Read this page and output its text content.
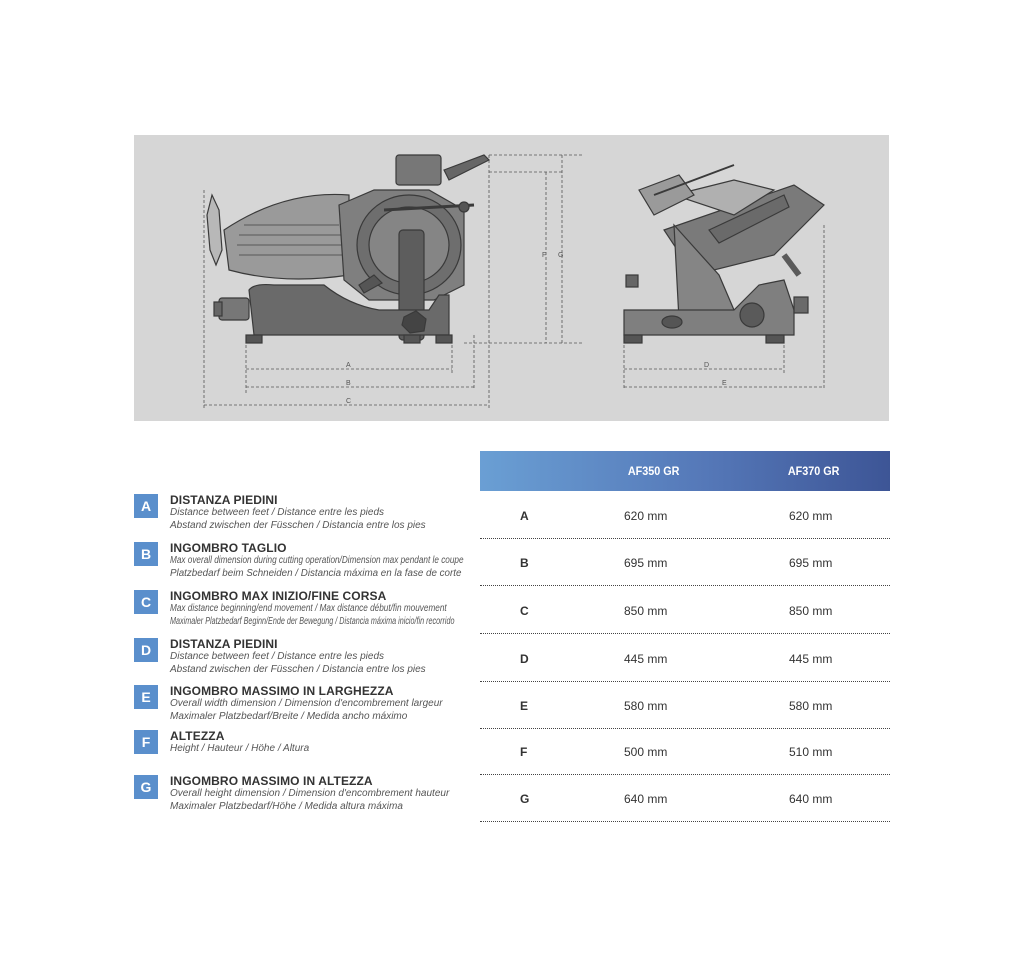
A
B
C
D
E
F G
AF350 GR	AF370 GR
A	DISTANZA PIEDINI
Distance between feet / Distance entre les pieds
Abstand zwischen der Füsschen / Distancia entre los pies
B	INGOMBRO TAGLIO
Max overall dimension during cutting operation/Dimension max pendant le coupe
Platzbedarf beim Schneiden / Distancia máxima en la fase de corte
C	INGOMBRO MAX INIZIO/FINE CORSA
Max distance beginning/end movement / Max distance début/fin mouvement
Maximaler Platzbedarf Beginn/Ende der Bewegung / Distancia máxima inicio/fin recorrido
D	DISTANZA PIEDINI
Distance between feet / Distance entre les pieds
Abstand zwischen der Füsschen / Distancia entre los pies
E	INGOMBRO MASSIMO IN LARGHEZZA
Overall width dimension / Dimension d'encombrement largeur
Maximaler Platzbedarf/Breite / Medida ancho máximo
F	ALTEZZA
Height / Hauteur / Höhe / Altura
G	INGOMBRO MASSIMO IN ALTEZZA
Overall height dimension / Dimension d'encombrement hauteur
Maximaler Platzbedarf/Höhe / Medida altura máxima
A	620 mm	620 mm
B	695 mm	695 mm
C	850 mm	850 mm
D	445 mm	445 mm
E	580 mm	580 mm
F	500 mm	510 mm
G	640 mm	640 mm
